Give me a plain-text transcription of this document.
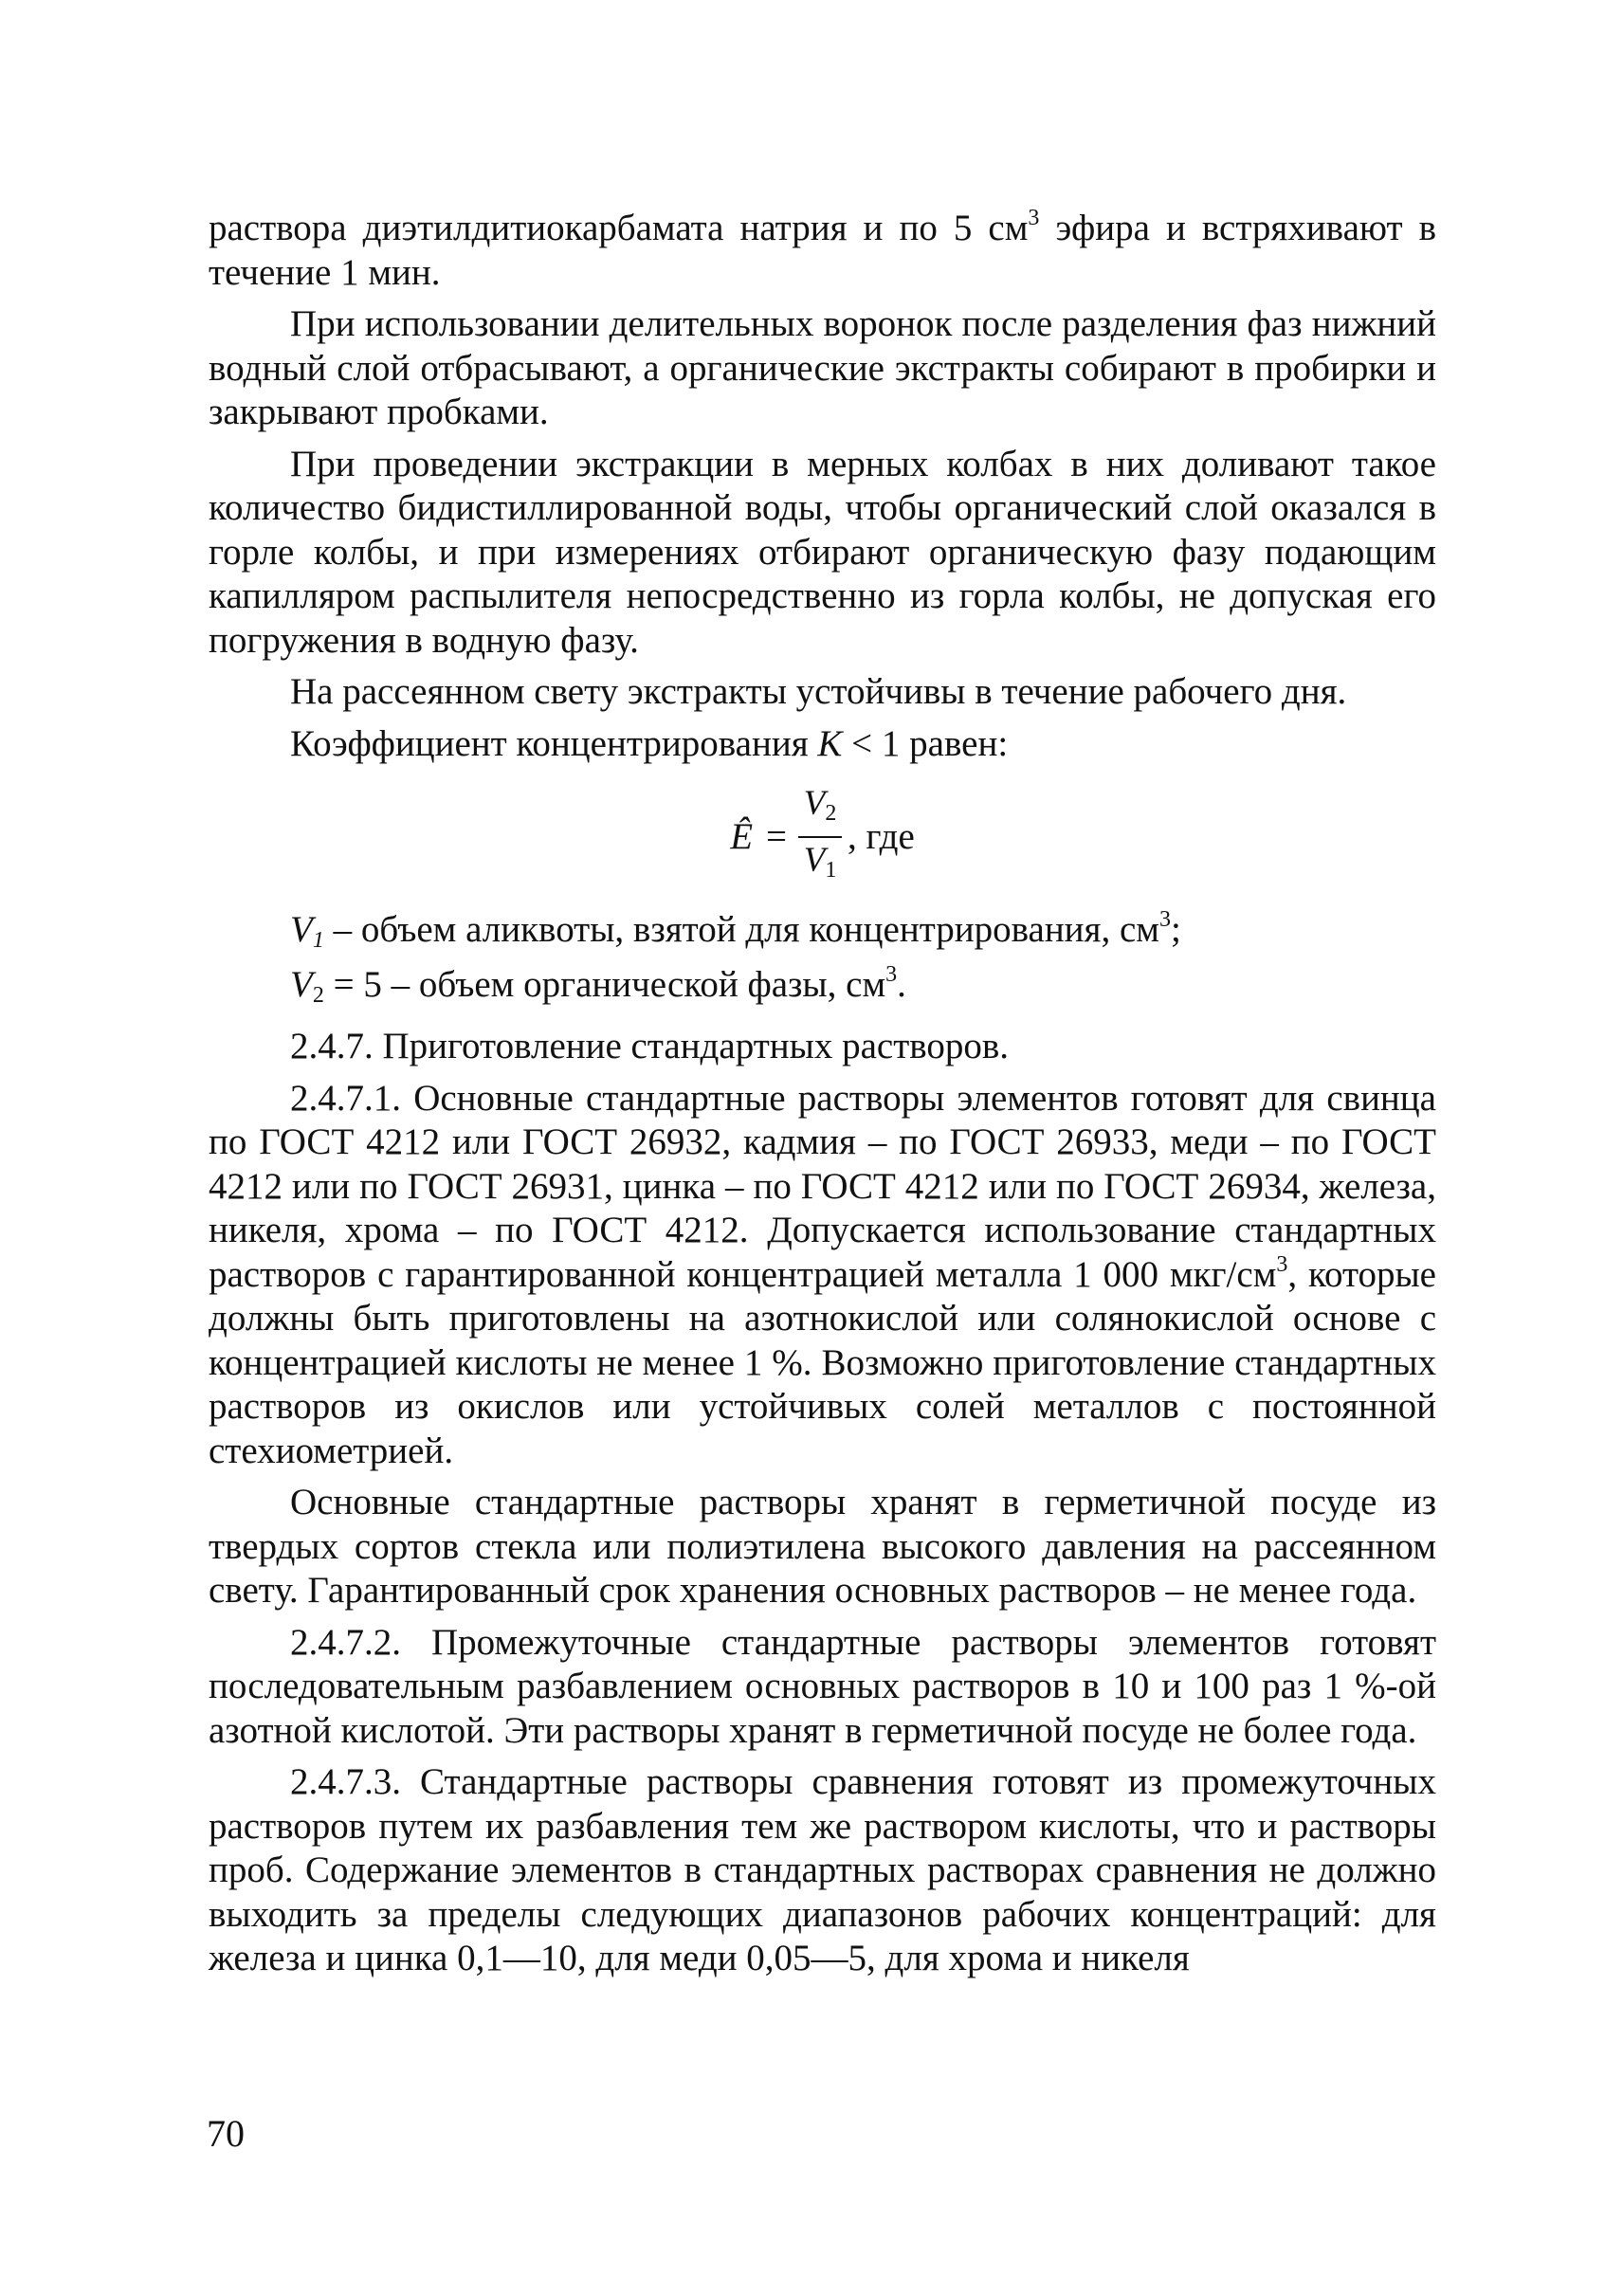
раствора диэтилдитиокарбамата натрия и по 5 $см^3$ эфира и встряхивают в течение 1 мин.

При использовании делительных воронок после разделения фаз нижний водный слой отбрасывают, а органические экстракты собирают в пробирки и закрывают пробками.

При проведении экстракции в мерных колбах в них доливают такое количество бидистиллированной воды, чтобы органический слой оказался в горле колбы, и при измерениях отбирают органическую фазу подающим капилляром распылителя непосредственно из горла колбы, не допуская его погружения в водную фазу.

На рассеянном свету экстракты устойчивы в течение рабочего дня.

Коэффициент концентрирования K < 1 равен:

Ê = $\frac{V_2}{V_1}$ , где

$V_1$ – объем аликвоты, взятой для концентрирования, $см^3$;

$V_2 = 5$ – объем органической фазы, $см^3$.

2.4.7. Приготовление стандартных растворов.

2.4.7.1. Основные стандартные растворы элементов готовят для свинца по ГОСТ 4212 или ГОСТ 26932, кадмия – по ГОСТ 26933, меди – по ГОСТ 4212 или по ГОСТ 26931, цинка – по ГОСТ 4212 или по ГОСТ 26934, железа, никеля, хрома – по ГОСТ 4212. Допускается использование стандартных растворов с гарантированной концентрацией металла 1 000 мкг/$см^3$, которые должны быть приготовлены на азотнокислой или солянокислой основе с концентрацией кислоты не менее 1 %. Возможно приготовление стандартных растворов из окислов или устойчивых солей металлов с постоянной стехиометрией.

Основные стандартные растворы хранят в герметичной посуде из твердых сортов стекла или полиэтилена высокого давления на рассеянном свету. Гарантированный срок хранения основных растворов – не менее года.

2.4.7.2. Промежуточные стандартные растворы элементов готовят последовательным разбавлением основных растворов в 10 и 100 раз 1 %-ой азотной кислотой. Эти растворы хранят в герметичной посуде не более года.

2.4.7.3. Стандартные растворы сравнения готовят из промежуточных растворов путем их разбавления тем же раствором кислоты, что и растворы проб. Содержание элементов в стандартных растворах сравнения не должно выходить за пределы следующих диапазонов рабочих концентраций: для железа и цинка 0,1—10, для меди 0,05—5, для хрома и никеля

70
